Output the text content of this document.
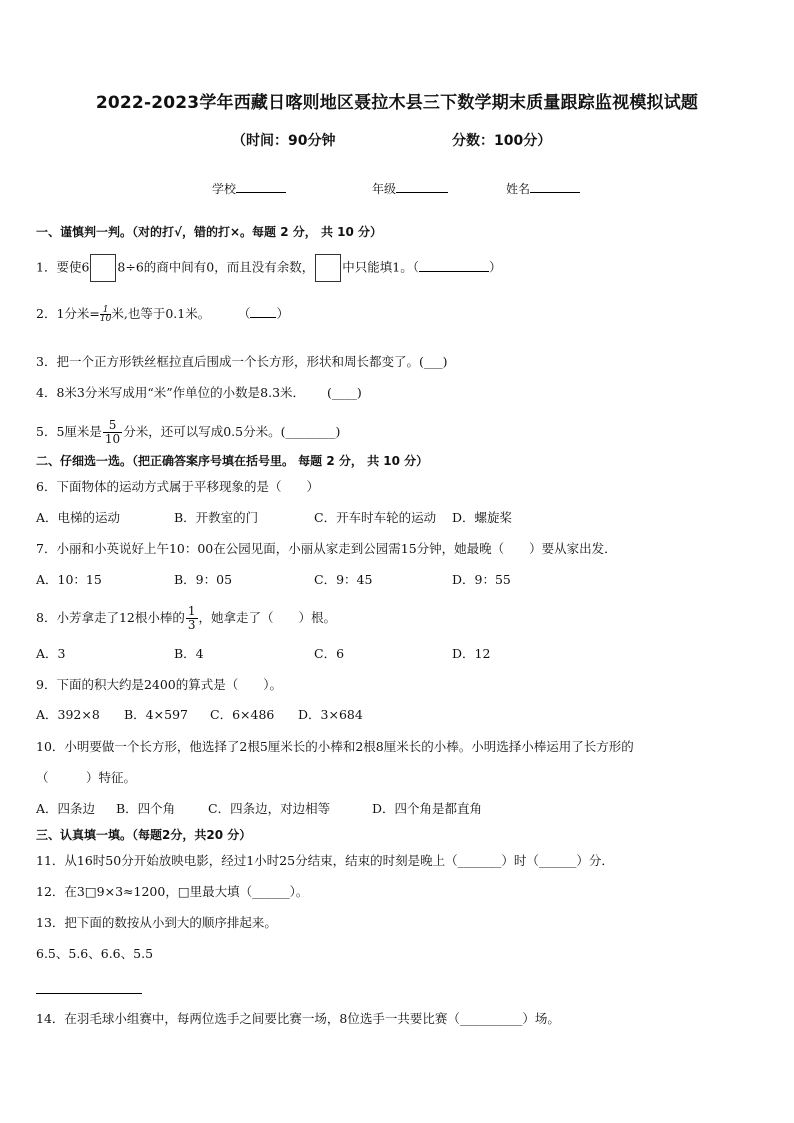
2022-2023学年西藏日喀则地区聂拉木县三下数学期末质量跟踪监视模拟试题
（时间：90分钟	分数：100分）
学校	年级	姓名
一、谨慎判一判。（对的打√，错的打×。每题 2 分， 共 10 分）
1．要使6 8÷6的商中间有0，而且没有余数， 中只能填1。（	）
2．1分米= $\frac{1}{10}$ 米,也等于0.1米。	（ ）
3．把一个正方形铁丝框拉直后围成一个长方形，形状和周长都变了。(___)
4．8米3分米写成用“米”作单位的小数是8.3米． (____)
5．5厘米是 $\frac{5}{10}$ 分米，还可以写成0.5分米。(________)
二、仔细选一选。（把正确答案序号填在括号里。 每题 2 分， 共 10 分）
6．下面物体的运动方式属于平移现象的是（　　）
A．电梯的运动	B．开教室的门	C．开车时车轮的运动 D．螺旋桨
7．小丽和小英说好上午10：00在公园见面，小丽从家走到公园需15分钟，她最晚（　　）要从家出发．
A．10：15	B．9：05	C．9：45	D．9：55
8．小芳拿走了12根小棒的 $\frac{1}{3}$ ，她拿走了（　　）根。
A．3	B．4	C．6	D．12
9．下面的积大约是2400的算式是（　　）。
A．392×8 B．4×597 C．6×486 D．3×684
10．小明要做一个长方形，他选择了2根5厘米长的小棒和2根8厘米长的小棒。小明选择小棒运用了长方形的
（　　　）特征。
A．四条边 B．四个角	C．四条边，对边相等	D．四个角是都直角
三、认真填一填。（每题2分，共20 分）
11．从16时50分开始放映电影，经过1小时25分结束，结束的时刻是晚上（_______）时（______）分．
12．在3□9×3≈1200，□里最大填（______）。
13．把下面的数按从小到大的顺序排起来。
6.5、5.6、6.6、5.5
14．在羽毛球小组赛中，每两位选手之间要比赛一场，8位选手一共要比赛（__________）场。
